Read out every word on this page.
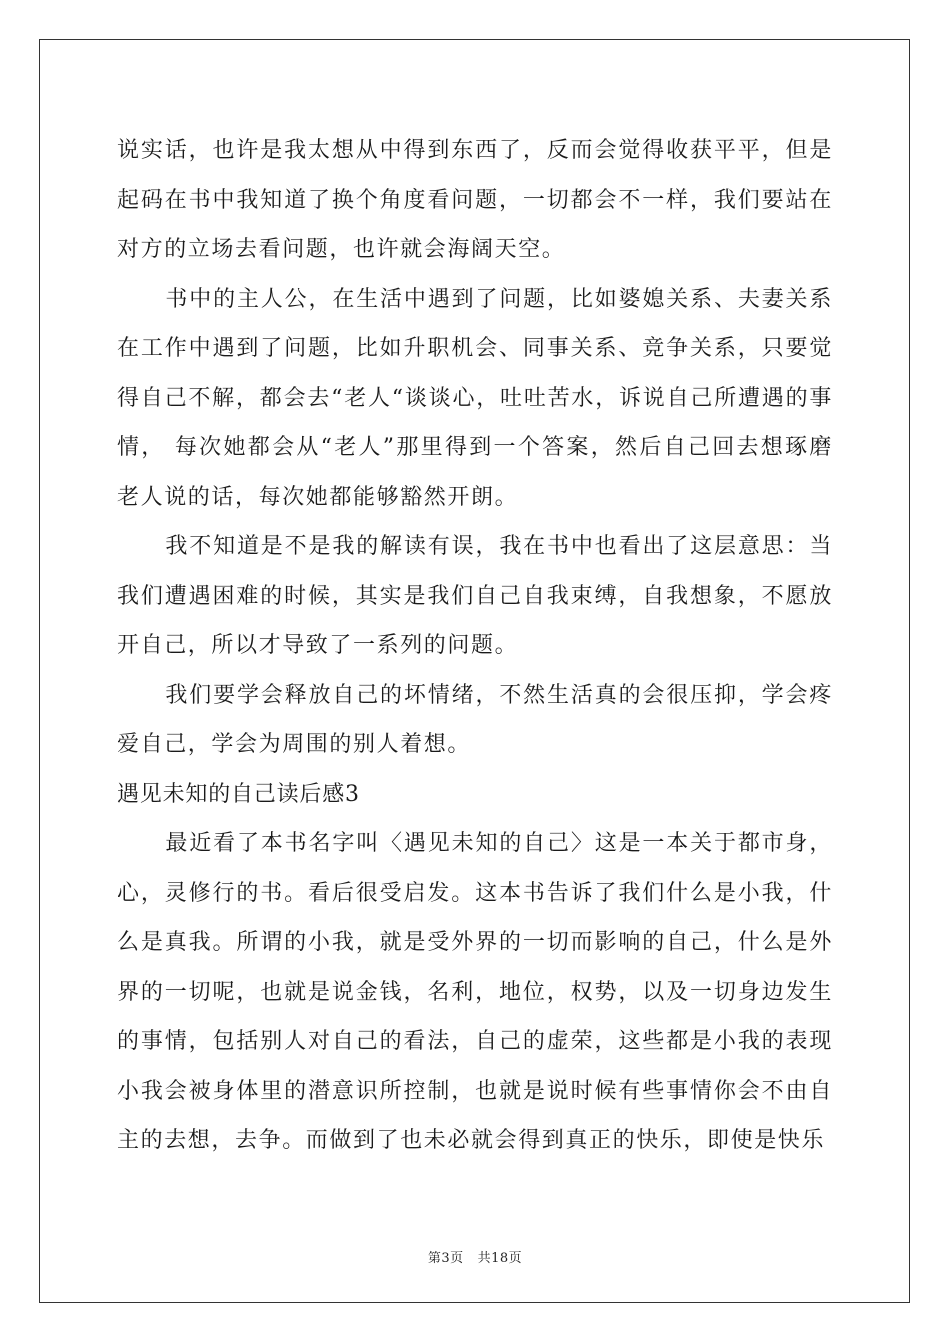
说实话，也许是我太想从中得到东西了，反而会觉得收获平平，但是起码在书中我知道了换个角度看问题，一切都会不一样，我们要站在对方的立场去看问题，也许就会海阔天空。

书中的主人公，在生活中遇到了问题，比如婆媳关系、夫妻关系在工作中遇到了问题，比如升职机会、同事关系、竞争关系，只要觉得自己不解，都会去“老人“谈谈心，吐吐苦水，诉说自己所遭遇的事情， 每次她都会从“老人”那里得到一个答案，然后自己回去想琢磨老人说的话，每次她都能够豁然开朗。

我不知道是不是我的解读有误，我在书中也看出了这层意思：当我们遭遇困难的时候，其实是我们自己自我束缚，自我想象，不愿放开自己，所以才导致了一系列的问题。

我们要学会释放自己的坏情绪，不然生活真的会很压抑，学会疼爱自己，学会为周围的别人着想。

遇见未知的自己读后感3

最近看了本书名字叫〈遇见未知的自己〉这是一本关于都市身，心，灵修行的书。看后很受启发。这本书告诉了我们什么是小我，什么是真我。所谓的小我，就是受外界的一切而影响的自己，什么是外界的一切呢，也就是说金钱，名利，地位，权势，以及一切身边发生的事情，包括别人对自己的看法，自己的虚荣，这些都是小我的表现小我会被身体里的潜意识所控制，也就是说时候有些事情你会不由自主的去想，去争。而做到了也未必就会得到真正的快乐，即使是快乐

第3页 共18页
